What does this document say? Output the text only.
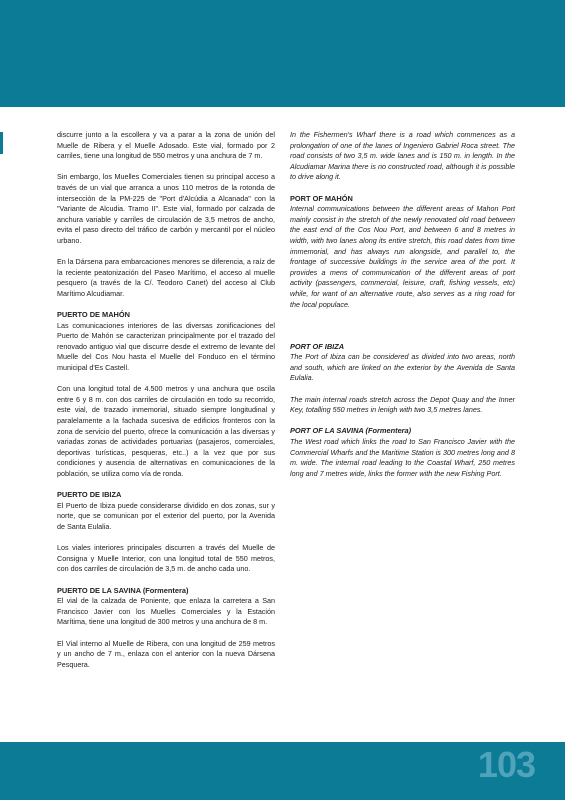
discurre junto a la escollera y va a parar a la zona de unión del Muelle de Ribera y el Muelle Adosado. Este vial, formado por 2 carriles, tiene una longitud de 550 metros y una anchura de 7 m.

Sin embargo, los Muelles Comerciales tienen su principal acceso a través de un vial que arranca a unos 110 metros de la rotonda de intersección de la PM-225 de "Port d'Alcúdia a Alcanada" con la "Variante de Alcudia. Tramo II". Este vial, formado por calzada de anchura variable y carriles de circulación de 3,5 metros de ancho, evita el paso directo del tráfico de carbón y mercantil por el núcleo urbano.

En la Dársena para embarcaciones menores se diferencia, a raíz de la reciente peatonización del Paseo Marítimo, el acceso al muelle pesquero (a través de la C/. Teodoro Canet) del acceso al Club Marítimo Alcudiamar.

PUERTO DE MAHÓN

Las comunicaciones interiores de las diversas zonificaciones del Puerto de Mahón se caracterizan principalmente por el trazado del renovado antiguo vial que discurre desde el extremo de levante del Muelle del Cos Nou hasta el Muelle del Fonduco en el término municipal d'Es Castell.

Con una longitud total de 4.500 metros y una anchura que oscila entre 6 y 8 m. con dos carriles de circulación en todo su recorrido, este vial, de trazado inmemorial, situado siempre longitudinal y paralelamente a la fachada sucesiva de edificios fronteros con la zona de servicio del puerto, ofrece la comunicación a las diversas y variadas zonas de actividades portuarias (pasajeros, comerciales, deportivas turísticas, pesqueras, etc..) a la vez que por sus condiciones y ausencia de alternativas en comunicaciones de la población, se utiliza como vía de ronda.

PUERTO DE IBIZA

El Puerto de Ibiza puede considerarse dividido en dos zonas, sur y norte, que se comunican por el exterior del puerto, por la Avenida de Santa Eulalia.

Los viales interiores principales discurren a través del Muelle de Consigna y Muelle Interior, con una longitud total de 550 metros, con dos carriles de circulación de 3,5 m. de ancho cada uno.

PUERTO DE LA SAVINA (Formentera)

El vial de la calzada de Poniente, que enlaza la carretera a San Francisco Javier con los Muelles Comerciales y la Estación Marítima, tiene una longitud de 300 metros y una anchura de 8 m.

El Vial interno al Muelle de Ribera, con una longitud de 259 metros y un ancho de 7 m., enlaza con el anterior con la nueva Dársena Pesquera.

In the Fishermen's Wharf there is a road which commences as a prolongation of one of the lanes of Ingeniero Gabriel Roca street. The road consists of two 3,5 m. wide lanes and is 150 m. in length. In the Alcudiamar Marina there is no constructed road, although it is possible to drive along it.

PORT OF MAHÓN

Internal communications between the different areas of Mahon Port mainly consist in the stretch of the newly renovated old road between the east end of the Cos Nou Port, and between 6 and 8 metres in width, with two lanes along its entire stretch, this road dates from time immemorial, and has always run alongside, and parallel to, the frontage of successive buildings in the service area of the port. It provides a mens of communication of the different areas of port activity (passengers, commercial, leisure, craft, fishing vessels, etc) while, for want of an alternative route, also serves as a ring road for the local populace.

PORT OF IBIZA

The Port of Ibiza can be considered as divided into two areas, north and south, which are linked on the exterior by the Avenida de Santa Eulalia.

The main internal roads stretch across the Depot Quay and the Inner Key, totalling 550 metres in lenigh with two 3,5 metres lanes.

PORT OF LA SAVINA (Formentera)

The West road which links the road to San Francisco Javier with the Commercial Wharfs and the Maritime Station is 300 metres long and 8 m. wide. The internal road leading to the Coastal Wharf, 250 metres long and 7 metres wide, links the former with the new Fishing Port.

103
